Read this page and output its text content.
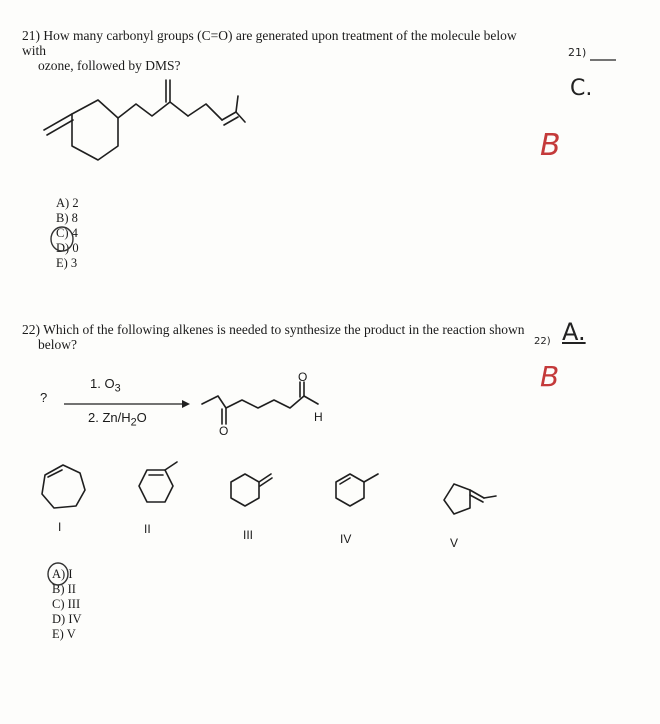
21) How many carbonyl groups (C=O) are generated upon treatment of the molecule below with
ozone, followed by DMS?
A) 2
B) 8
C) 4
D) 0
E) 3
22) Which of the following alkenes is needed to synthesize the product in the reaction shown
below?
?
1. $O_3$
2. $Zn/H_2O$
O
O
H
I	II	III	IV	V
A) I
B) II
C) III
D) IV
E) V
21)
C.
B
22) A.
B
